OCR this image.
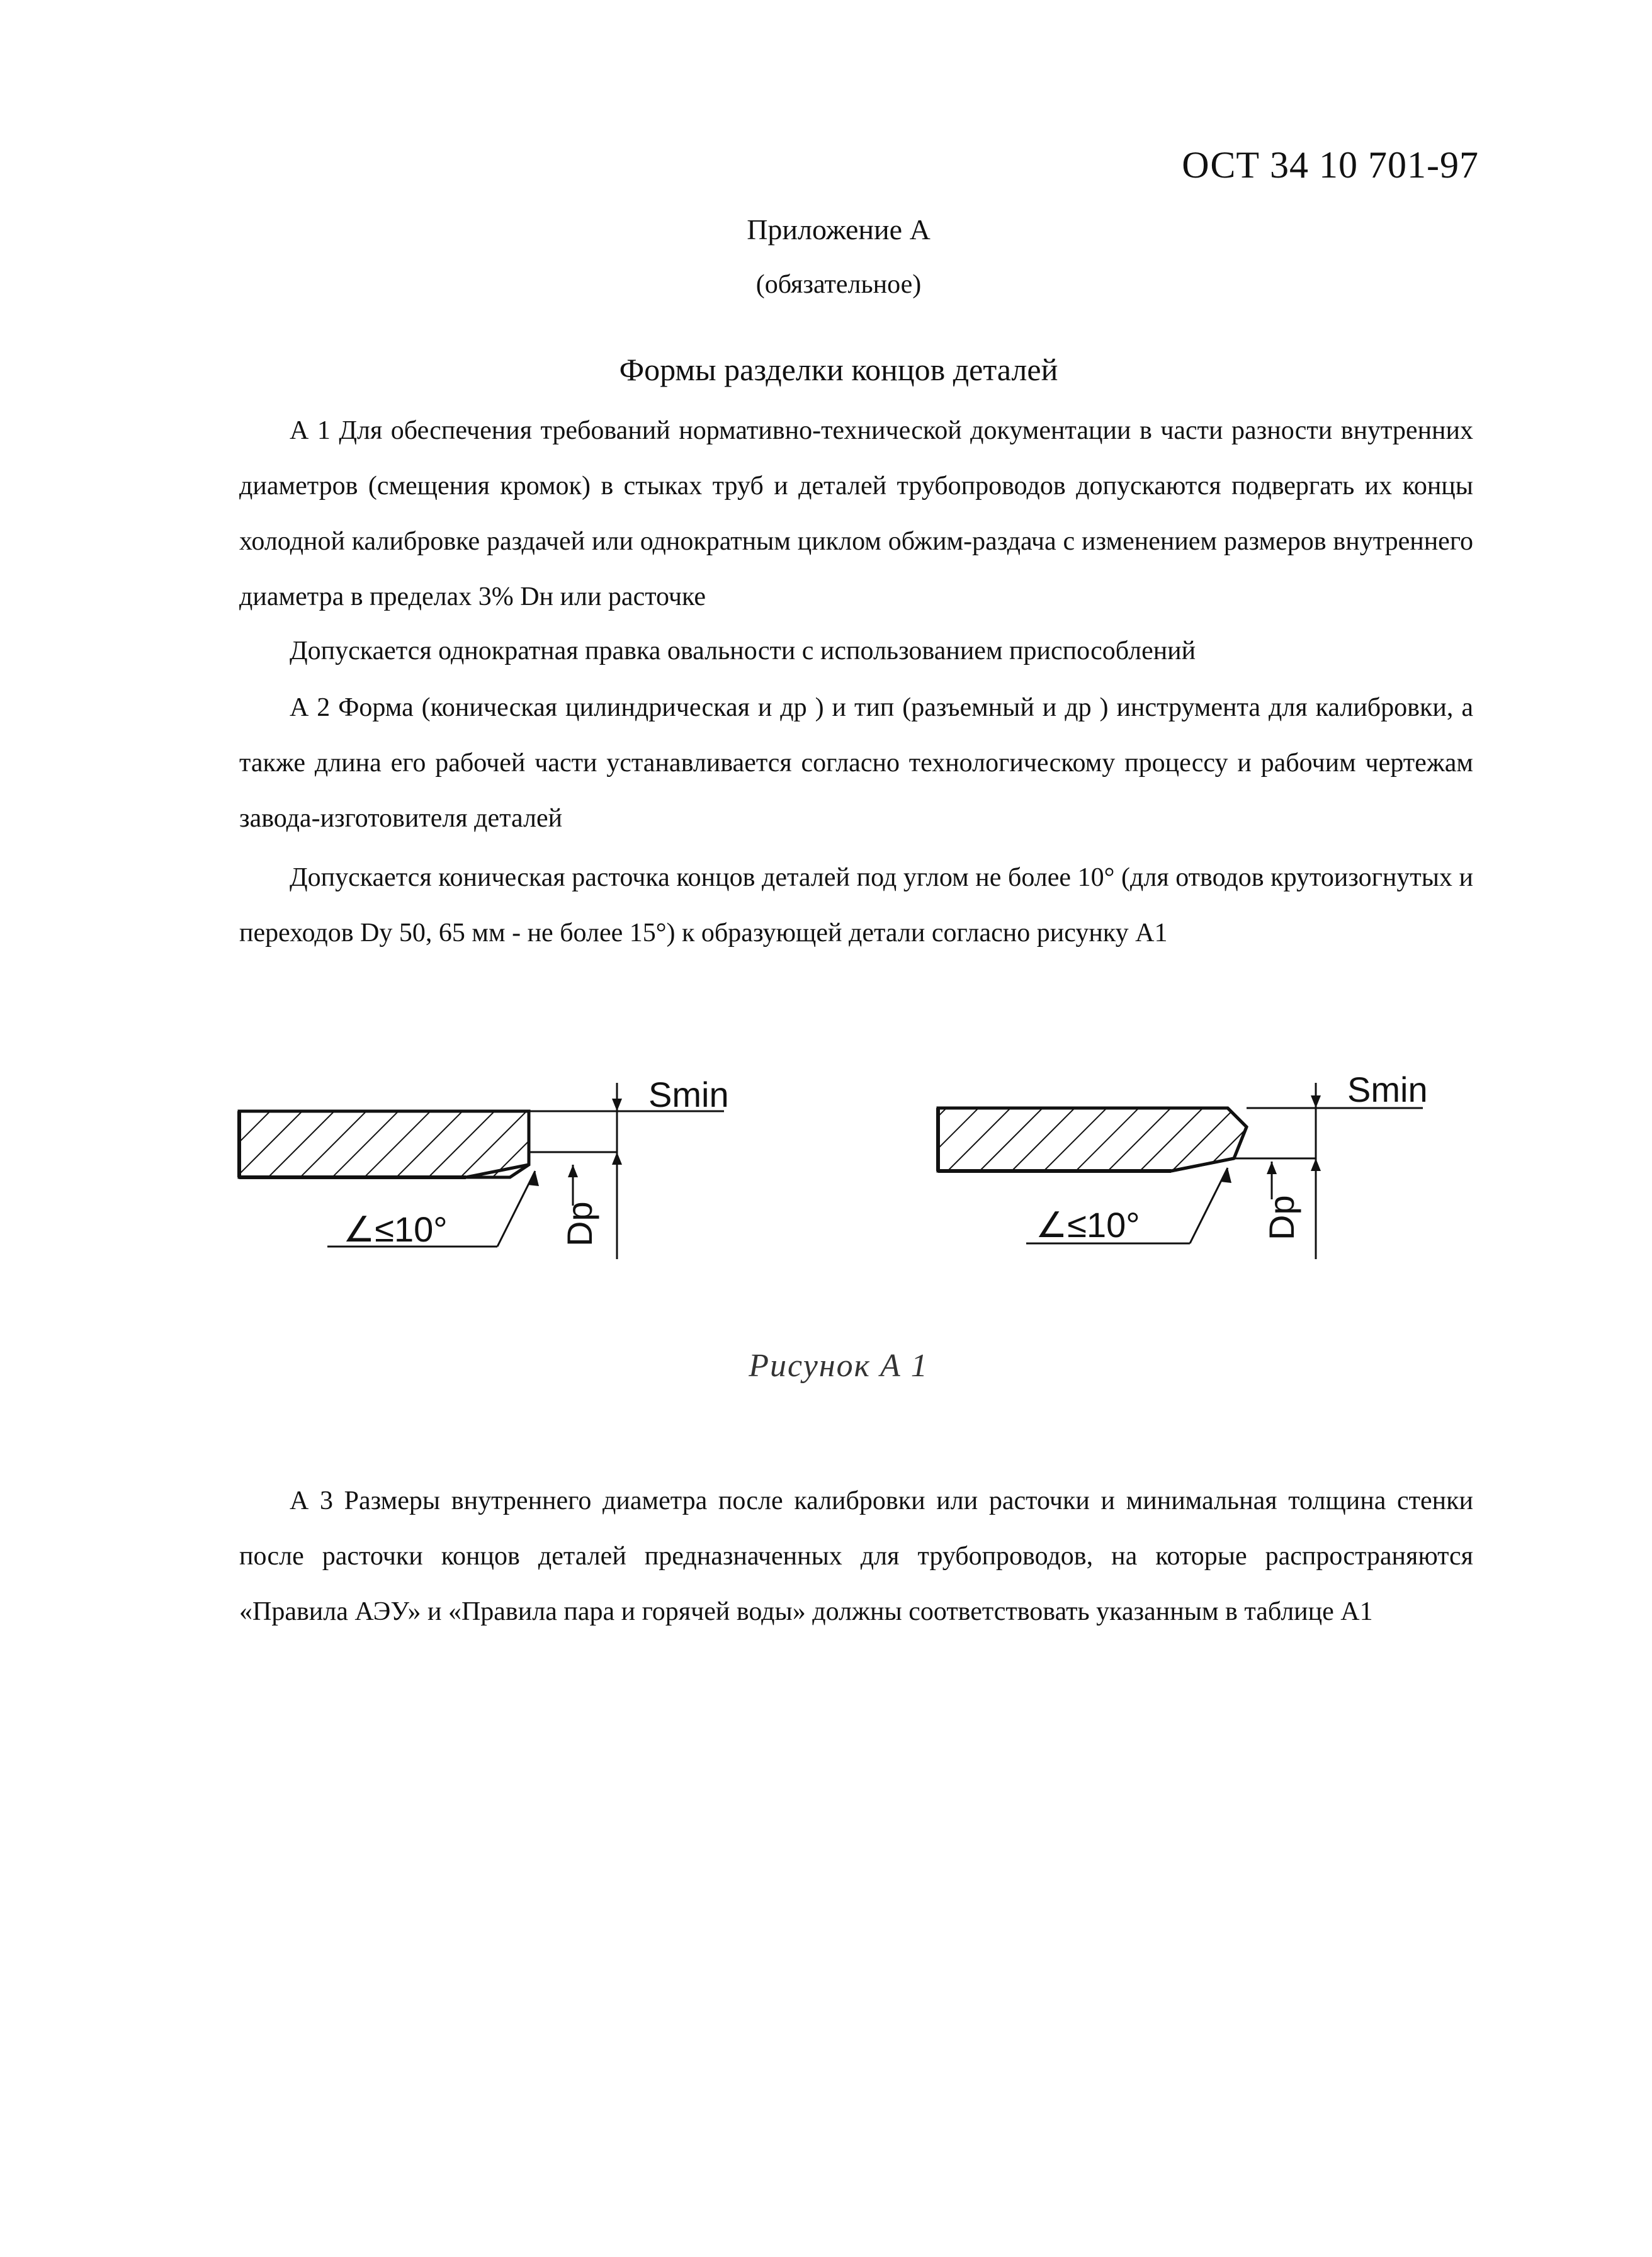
ОСТ 34 10 701-97
Приложение А
(обязательное)
Формы разделки концов деталей

А 1 Для обеспечения требований нормативно-технической документации в части разности внутренних диаметров (смещения кромок) в стыках труб и деталей трубопроводов допускаются подвергать их концы холодной калибровке раздачей или однократным циклом обжим-раздача с изменением размеров внутреннего диаметра в пределах 3% Dн или расточке

Допускается однократная правка овальности с использованием приспособлений

А 2 Форма (коническая цилиндрическая и др ) и тип (разъемный и др ) инструмента для калибровки, а также длина его рабочей части устанавливается согласно технологическому процессу и рабочим чертежам завода-изготовителя деталей

Допускается коническая расточка концов деталей под углом не более 10° (для отводов крутоизогнутых и переходов Dу 50, 65 мм - не более 15°) к образующей детали согласно рисунку А1

Smin
∠≤10°	Dp
Smin
∠≤10°	Dp
Рисунок А 1

А 3 Размеры внутреннего диаметра после калибровки или расточки и минимальная толщина стенки после расточки концов деталей предназначенных для трубопроводов, на которые распространяются «Правила АЭУ» и «Правила пара и горячей воды» должны соответствовать указанным в таблице А1
